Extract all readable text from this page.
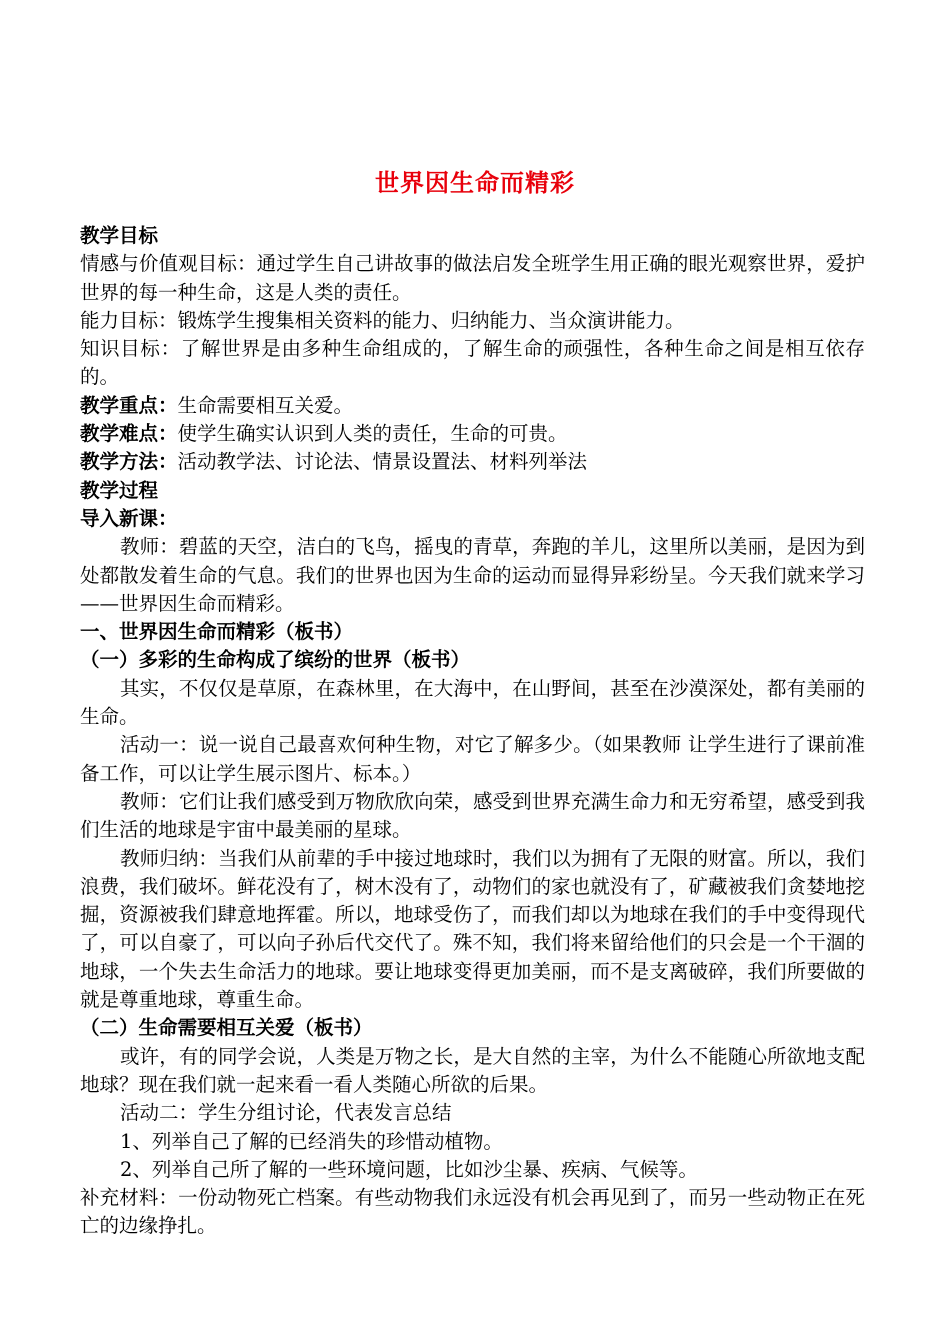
世界因生命而精彩

教学目标

情感与价值观目标：通过学生自己讲故事的做法启发全班学生用正确的眼光观察世界，爱护世界的每一种生命，这是人类的责任。

能力目标：锻炼学生搜集相关资料的能力、归纳能力、当众演讲能力。

知识目标：了解世界是由多种生命组成的，了解生命的顽强性，各种生命之间是相互依存的。

教学重点：生命需要相互关爱。

教学难点：使学生确实认识到人类的责任，生命的可贵。

教学方法：活动教学法、讨论法、情景设置法、材料列举法

教学过程

导入新课：

教师：碧蓝的天空，洁白的飞鸟，摇曳的青草，奔跑的羊儿，这里所以美丽，是因为到处都散发着生命的气息。我们的世界也因为生命的运动而显得异彩纷呈。今天我们就来学习——世界因生命而精彩。

一、世界因生命而精彩（板书）

（一）多彩的生命构成了缤纷的世界（板书）

其实，不仅仅是草原，在森林里，在大海中，在山野间，甚至在沙漠深处，都有美丽的生命。

活动一：说一说自己最喜欢何种生物，对它了解多少。（如果教师 让学生进行了课前准备工作，可以让学生展示图片、标本。）

教师：它们让我们感受到万物欣欣向荣，感受到世界充满生命力和无穷希望，感受到我们生活的地球是宇宙中最美丽的星球。

教师归纳：当我们从前辈的手中接过地球时，我们以为拥有了无限的财富。所以，我们浪费，我们破坏。鲜花没有了，树木没有了，动物们的家也就没有了，矿藏被我们贪婪地挖掘，资源被我们肆意地挥霍。所以，地球受伤了，而我们却以为地球在我们的手中变得现代了，可以自豪了，可以向子孙后代交代了。殊不知，我们将来留给他们的只会是一个干涸的地球，一个失去生命活力的地球。要让地球变得更加美丽，而不是支离破碎，我们所要做的就是尊重地球，尊重生命。

（二）生命需要相互关爱（板书）

或许，有的同学会说，人类是万物之长，是大自然的主宰，为什么不能随心所欲地支配地球？现在我们就一起来看一看人类随心所欲的后果。

活动二：学生分组讨论，代表发言总结

1、列举自己了解的已经消失的珍惜动植物。

2、列举自己所了解的一些环境问题，比如沙尘暴、疾病、气候等。

补充材料：一份动物死亡档案。有些动物我们永远没有机会再见到了，而另一些动物正在死亡的边缘挣扎。
